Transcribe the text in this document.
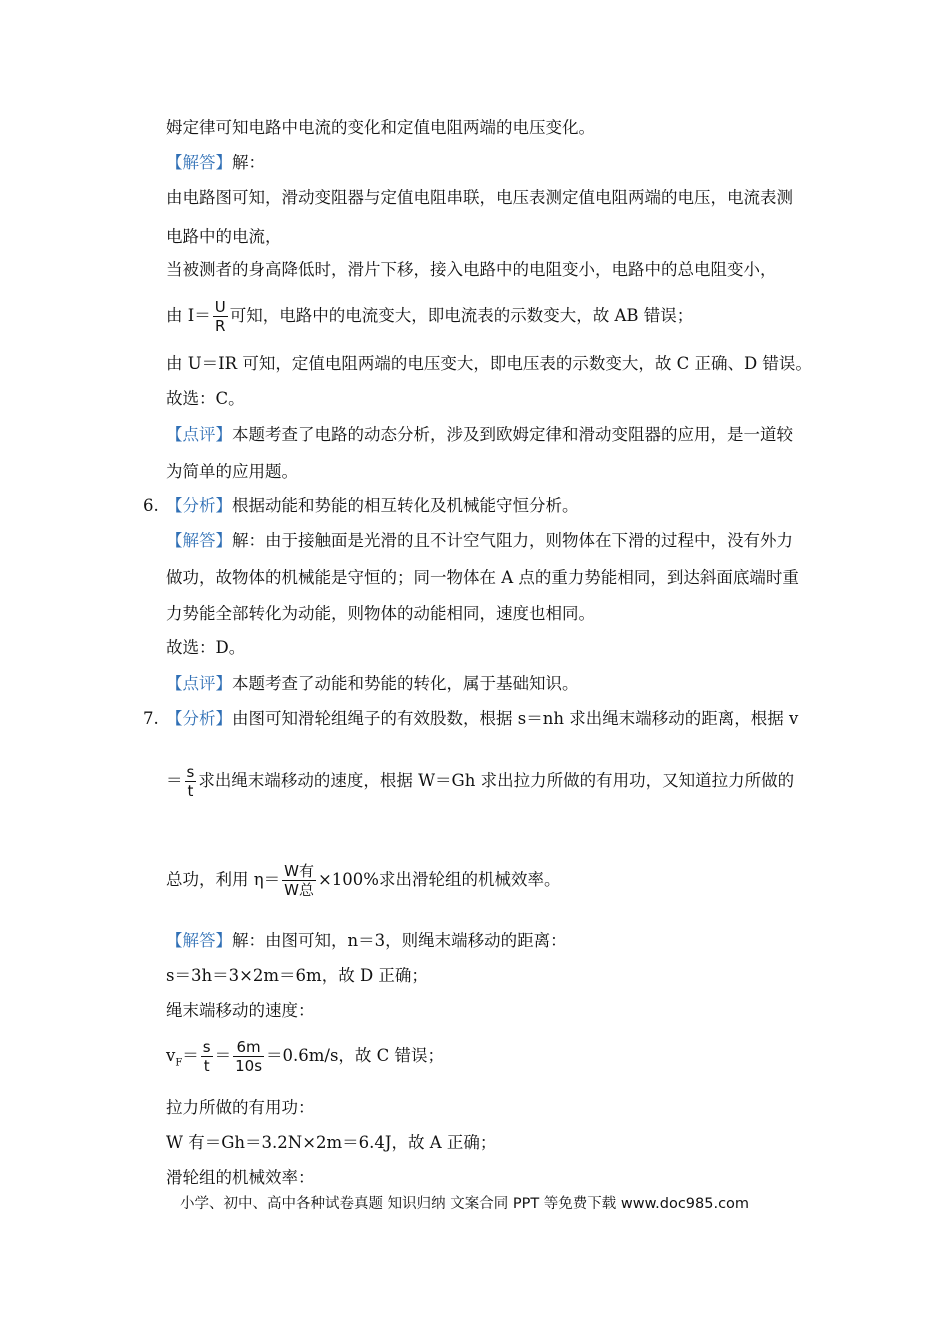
姆定律可知电路中电流的变化和定值电阻两端的电压变化。
【解答】解：
由电路图可知，滑动变阻器与定值电阻串联，电压表测定值电阻两端的电压，电流表测
电路中的电流，
当被测者的身高降低时，滑片下移，接入电路中的电阻变小，电路中的总电阻变小，
由 $I= \frac{U}{R}$ 可知，电路中的电流变大，即电流表的示数变大，故 AB 错误；
由 U＝IR 可知，定值电阻两端的电压变大，即电压表的示数变大，故 C 正确、D 错误。
故选：C。
【点评】本题考查了电路的动态分析，涉及到欧姆定律和滑动变阻器的应用，是一道较
为简单的应用题。
6. 【分析】根据动能和势能的相互转化及机械能守恒分析。
【解答】解：由于接触面是光滑的且不计空气阻力，则物体在下滑的过程中，没有外力
做功，故物体的机械能是守恒的；同一物体在 A 点的重力势能相同，到达斜面底端时重
力势能全部转化为动能，则物体的动能相同，速度也相同。
故选：D。
【点评】本题考查了动能和势能的转化，属于基础知识。
7. 【分析】由图可知滑轮组绳子的有效股数，根据 s＝nh 求出绳末端移动的距离，根据 v
＝ $\frac{s}{t}$ 求出绳末端移动的速度，根据 W＝Gh 求出拉力所做的有用功，又知道拉力所做的
总功，利用 $\eta= \frac{\text{W有}}{\text{W总}} \times 100\%$求出滑轮组的机械效率。
【解答】解：由图可知，n＝3，则绳末端移动的距离：
s＝3h＝3×2m＝6m，故 D 正确；
绳末端移动的速度：
$v_F= \frac{s}{t} = \frac{6m}{10s} =0.6m/s$，故 C 错误；
拉力所做的有用功：
W 有＝Gh＝3.2N×2m＝6.4J，故 A 正确；
滑轮组的机械效率：
小学、初中、高中各种试卷真题 知识归纳 文案合同 PPT 等免费下载 www.doc985.com
